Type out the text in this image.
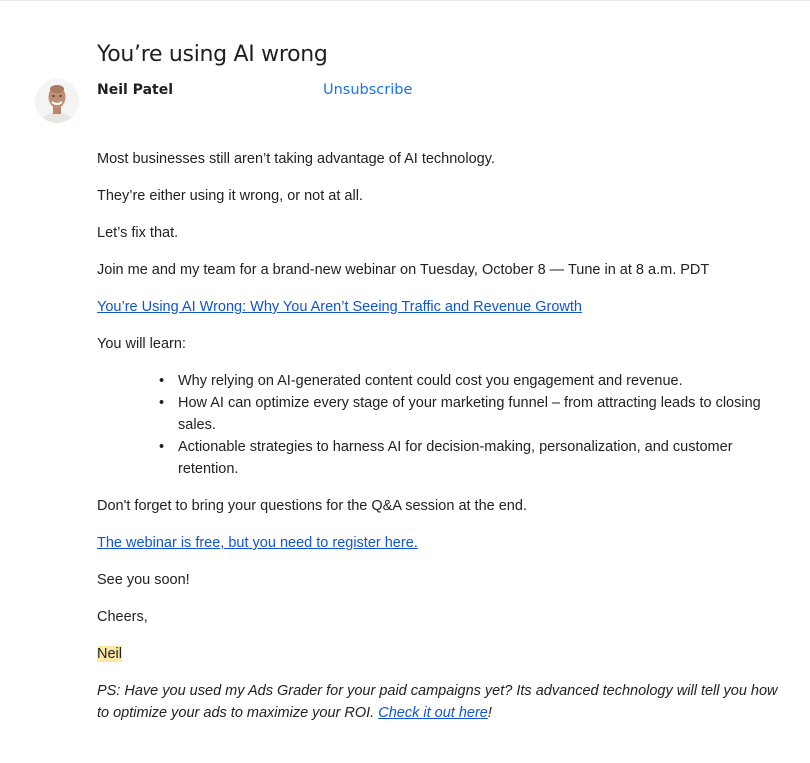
You’re using AI wrong
Neil Patel	Unsubscribe

Most businesses still aren’t taking advantage of AI technology.

They’re either using it wrong, or not at all.

Let’s fix that.

Join me and my team for a brand-new webinar on Tuesday, October 8 — Tune in at 8 a.m. PDT

You’re Using AI Wrong: Why You Aren’t Seeing Traffic and Revenue Growth

You will learn:

• Why relying on AI-generated content could cost you engagement and revenue.
• How AI can optimize every stage of your marketing funnel – from attracting leads to closing sales.
• Actionable strategies to harness AI for decision-making, personalization, and customer retention.

Don't forget to bring your questions for the Q&A session at the end.

The webinar is free, but you need to register here.

See you soon!

Cheers,

Neil

PS: Have you used my Ads Grader for your paid campaigns yet? Its advanced technology will tell you how to optimize your ads to maximize your ROI. Check it out here!
